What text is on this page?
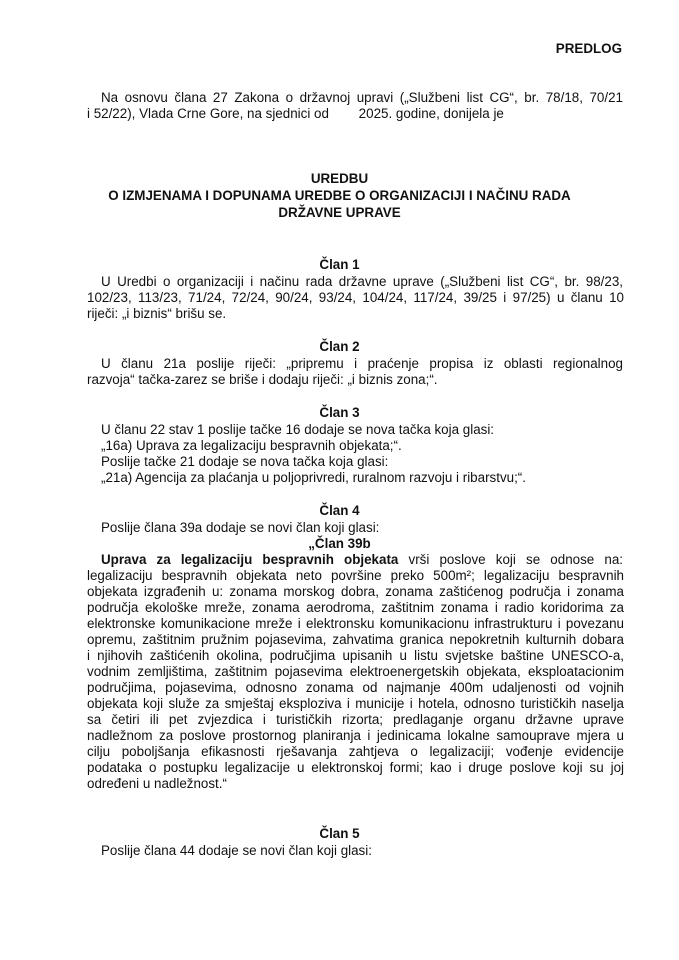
PREDLOG
Na osnovu člana 27 Zakona o državnoj upravi („Službeni list CG“, br. 78/18, 70/21
i 52/22), Vlada Crne Gore, na sjednici od        2025. godine, donijela je
UREDBU
O IZMJENAMA I DOPUNAMA UREDBE O ORGANIZACIJI I NAČINU RADA
DRŽAVNE UPRAVE
Član 1
U Uredbi o organizaciji i načinu rada državne uprave („Službeni list CG“, br. 98/23,
102/23, 113/23, 71/24, 72/24, 90/24, 93/24, 104/24, 117/24, 39/25 i 97/25) u članu 10
riječi: „i biznis“ brišu se.
Član 2
U članu 21a poslije riječi: „pripremu i praćenje propisa iz oblasti regionalnog
razvoja“ tačka-zarez se briše i dodaju riječi: „i biznis zona;“.
Član 3
U članu 22 stav 1 poslije tačke 16 dodaje se nova tačka koja glasi:
„16a) Uprava za legalizaciju bespravnih objekata;“.
Poslije tačke 21 dodaje se nova tačka koja glasi:
„21a) Agencija za plaćanja u poljoprivredi, ruralnom razvoju i ribarstvu;“.
Član 4
Poslije člana 39a dodaje se novi član koji glasi:
„Član 39b
Uprava za legalizaciju bespravnih objekata vrši poslove koji se odnose na:
legalizaciju bespravnih objekata neto površine preko 500m²; legalizaciju bespravnih
objekata izgrađenih u: zonama morskog dobra, zonama zaštićenog područja i zonama
područja ekološke mreže, zonama aerodroma, zaštitnim zonama i radio koridorima za
elektronske komunikacione mreže i elektronsku komunikacionu infrastrukturu i povezanu
opremu, zaštitnim pružnim pojasevima, zahvatima granica nepokretnih kulturnih dobara
i njihovih zaštićenih okolina, područjima upisanih u listu svjetske baštine UNESCO-a,
vodnim zemljištima, zaštitnim pojasevima elektroenergetskih objekata, eksploatacionim
područjima, pojasevima, odnosno zonama od najmanje 400m udaljenosti od vojnih
objekata koji služe za smještaj eksploziva i municije i hotela, odnosno turističkih naselja
sa četiri ili pet zvjezdica i turističkih rizorta; predlaganje organu državne uprave
nadležnom za poslove prostornog planiranja i jedinicama lokalne samouprave mjera u
cilju poboljšanja efikasnosti rješavanja zahtjeva o legalizaciji; vođenje evidencije
podataka o postupku legalizacije u elektronskoj formi; kao i druge poslove koji su joj
određeni u nadležnost.“
Član 5
Poslije člana 44 dodaje se novi član koji glasi:
